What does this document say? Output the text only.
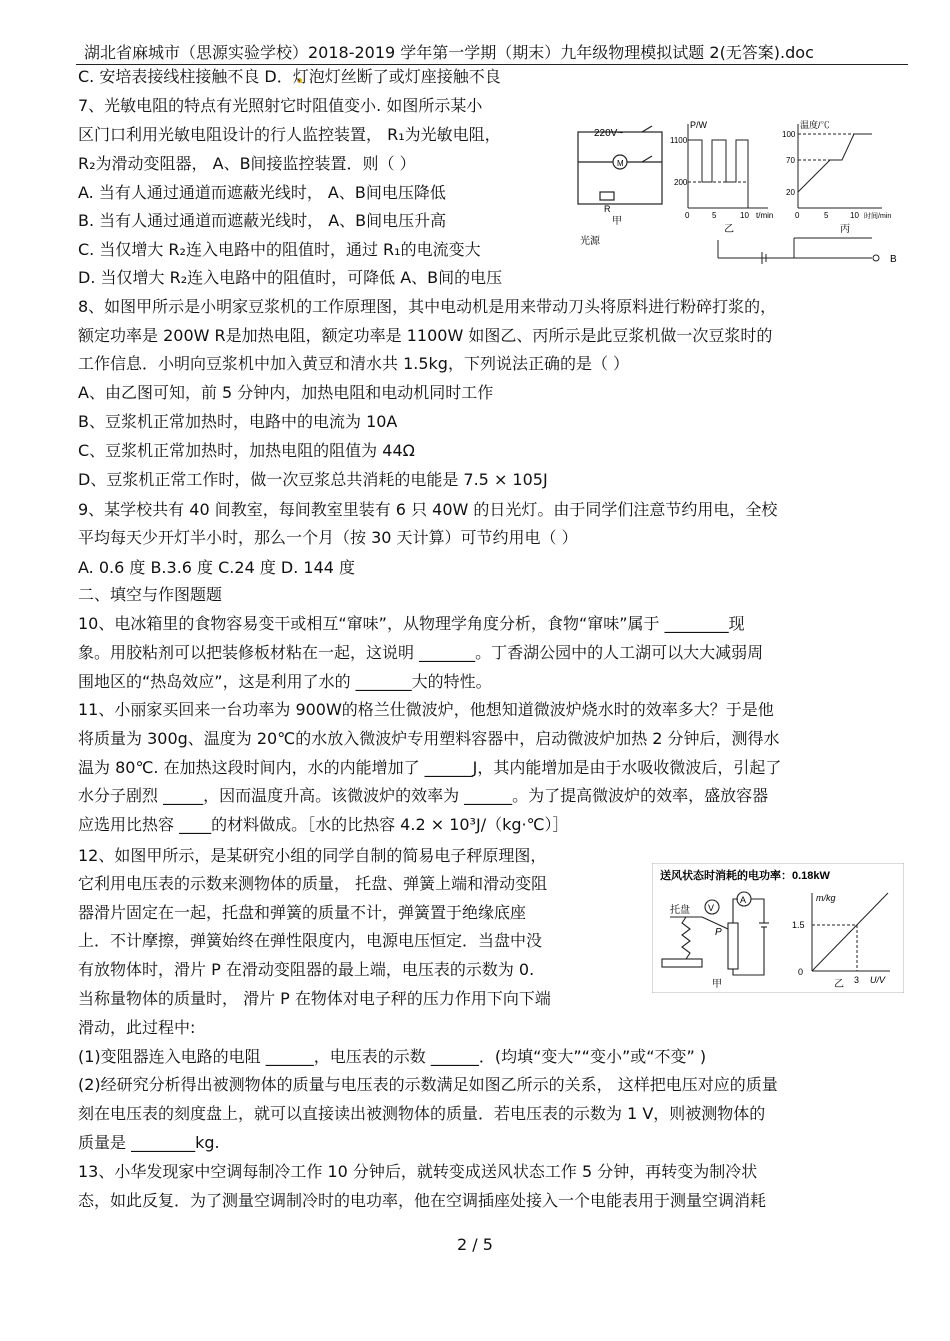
湖北省麻城市（思源实验学校）2018-2019 学年第一学期（期末）九年级物理模拟试题 2(无答案).doc
C. 安培表接线柱接触不良 D．灯泡灯丝断了或灯座接触不良
7、光敏电阻的特点有光照射它时阻值变小. 如图所示某小
区门口利用光敏电阻设计的行人监控装置， R₁为光敏电阻，
R₂为滑动变阻器， A、B间接监控装置．则（ ）
A. 当有人通过通道而遮蔽光线时， A、B间电压降低
B. 当有人通过通道而遮蔽光线时， A、B间电压升高
C. 当仅增大 R₂连入电路中的阻值时，通过 R₁的电流变大
D. 当仅增大 R₂连入电路中的阻值时，可降低 A、B间的电压
8、如图甲所示是小明家豆浆机的工作原理图，其中电动机是用来带动刀头将原料进行粉碎打浆的，
额定功率是 200W R是加热电阻，额定功率是 1100W 如图乙、丙所示是此豆浆机做一次豆浆时的
工作信息．小明向豆浆机中加入黄豆和清水共 1.5kg，下列说法正确的是（ ）
A、由乙图可知，前 5 分钟内，加热电阻和电动机同时工作
B、豆浆机正常加热时，电路中的电流为 10A
C、豆浆机正常加热时，加热电阻的阻值为 44Ω
D、豆浆机正常工作时，做一次豆浆总共消耗的电能是 7.5 × 105J
9、某学校共有 40 间教室，每间教室里装有 6 只 40W 的日光灯。由于同学们注意节约用电，全校
平均每天少开灯半小时，那么一个月（按 30 天计算）可节约用电（ ）
A. 0.6 度 B.3.6 度 C.24 度 D. 144 度
二、填空与作图题题
10、电冰箱里的食物容易变干或相互“窜味”，从物理学角度分析，食物“窜味”属于 ________现
象。用胶粘剂可以把装修板材粘在一起，这说明 _______。丁香湖公园中的人工湖可以大大减弱周
围地区的“热岛效应”，这是利用了水的 _______大的特性。
11、小丽家买回来一台功率为 900W的格兰仕微波炉，他想知道微波炉烧水时的效率多大？于是他
将质量为 300g、温度为 20℃的水放入微波炉专用塑料容器中，启动微波炉加热 2 分钟后，测得水
温为 80℃. 在加热这段时间内，水的内能增加了 ______J，其内能增加是由于水吸收微波后，引起了
水分子剧烈 _____，因而温度升高。该微波炉的效率为 ______。为了提高微波炉的效率，盛放容器
应选用比热容 ____的材料做成。［水的比热容 4.2 × 10³J/（kg·℃）］
12、如图甲所示，是某研究小组的同学自制的简易电子秤原理图，
它利用电压表的示数来测物体的质量， 托盘、弹簧上端和滑动变阻
器滑片固定在一起，托盘和弹簧的质量不计，弹簧置于绝缘底座
上．不计摩擦，弹簧始终在弹性限度内，电源电压恒定．当盘中没
有放物体时，滑片 P 在滑动变阻器的最上端，电压表的示数为 0.
当称量物体的质量时， 滑片 P 在物体对电子秤的压力作用下向下端
滑动，此过程中:
(1)变阻器连入电路的电阻 ______，电压表的示数 ______．(均填“变大”“变小”或“不变” )
(2)经研究分析得出被测物体的质量与电压表的示数满足如图乙所示的关系， 这样把电压对应的质量
刻在电压表的刻度盘上，就可以直接读出被测物体的质量．若电压表的示数为 1 V，则被测物体的
质量是 ________kg.
13、小华发现家中空调每制冷工作 10 分钟后，就转变成送风状态工作 5 分钟，再转变为制冷状
态，如此反复．为了测量空调制冷时的电功率，他在空调插座处接入一个电能表用于测量空调消耗
220V~
M
R
甲
P/W
1100
200
0	5	10 t/min
乙
温度/℃
100
70
20
0	5	10 时间/min
丙
B
光源
送风状态时消耗的电功率：0.18kW
托盘
P
V
A
甲
m/kg
1.5
0
3 U/V
乙
2 / 5
